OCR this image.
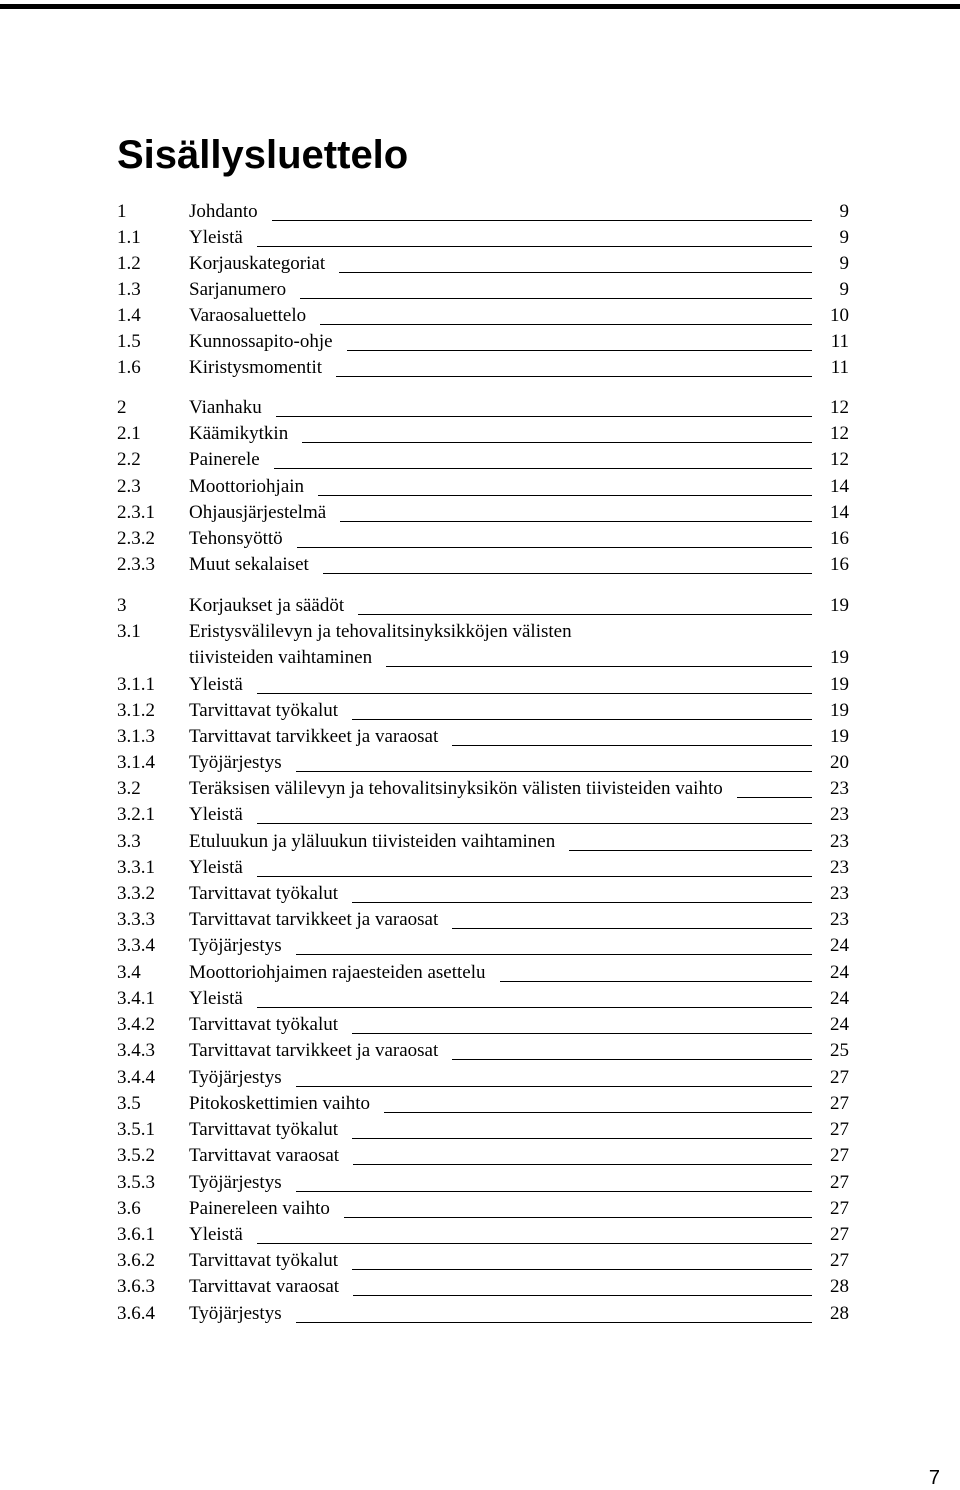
Sisällysluettelo
1	Johdanto	9
1.1	Yleistä	9
1.2	Korjauskategoriat	9
1.3	Sarjanumero	9
1.4	Varaosaluettelo	10
1.5	Kunnossapito-ohje	11
1.6	Kiristysmomentit	11
2	Vianhaku	12
2.1	Käämikytkin	12
2.2	Painerele	12
2.3	Moottoriohjain	14
2.3.1 Ohjausjärjestelmä	14
2.3.2 Tehonsyöttö	16
2.3.3 Muut sekalaiset	16
3	Korjaukset ja säädöt	19
3.1	Eristysvälilevyn ja tehovalitsinyksikköjen välisten
tiivisteiden vaihtaminen	19
3.1.1 Yleistä	19
3.1.2 Tarvittavat työkalut	19
3.1.3 Tarvittavat tarvikkeet ja varaosat	19
3.1.4 Työjärjestys	20
3.2	Teräksisen välilevyn ja tehovalitsinyksikön välisten tiivisteiden vaihto	23
3.2.1 Yleistä	23
3.3	Etuluukun ja yläluukun tiivisteiden vaihtaminen	23
3.3.1 Yleistä	23
3.3.2 Tarvittavat työkalut	23
3.3.3 Tarvittavat tarvikkeet ja varaosat	23
3.3.4 Työjärjestys	24
3.4	Moottoriohjaimen rajaesteiden asettelu	24
3.4.1 Yleistä	24
3.4.2 Tarvittavat työkalut	24
3.4.3 Tarvittavat tarvikkeet ja varaosat	25
3.4.4 Työjärjestys	27
3.5	Pitokoskettimien vaihto	27
3.5.1 Tarvittavat työkalut	27
3.5.2 Tarvittavat varaosat	27
3.5.3 Työjärjestys	27
3.6	Painereleen vaihto	27
3.6.1 Yleistä	27
3.6.2 Tarvittavat työkalut	27
3.6.3 Tarvittavat varaosat	28
3.6.4 Työjärjestys	28
7
